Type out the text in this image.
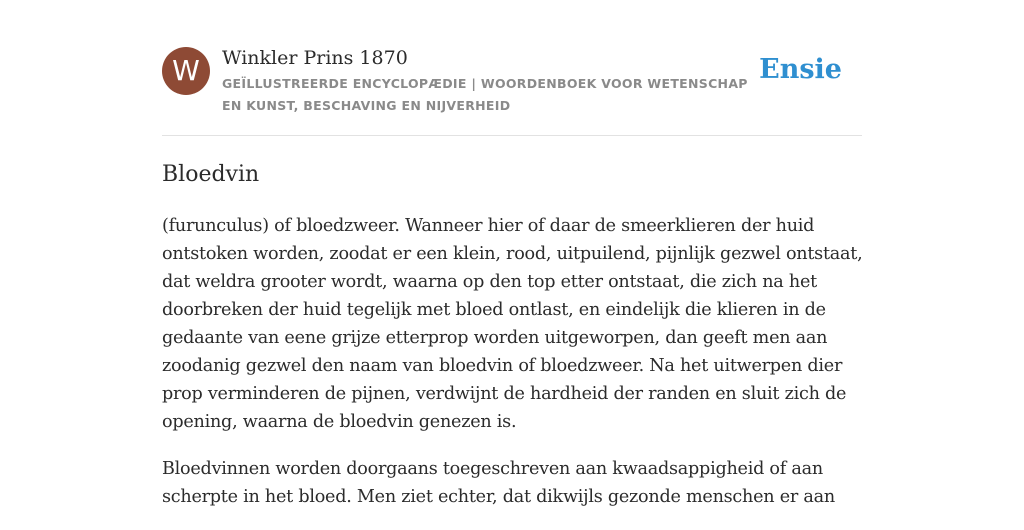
W	Winkler Prins 1870
GEÏLLUSTREERDE ENCYCLOPÆDIE | WOORDENBOEK VOOR WETENSCHAP EN KUNST, BESCHAVING EN NIJVERHEID
Ensie
Bloedvin

(furunculus) of bloedzweer. Wanneer hier of daar de smeerklieren der huid
ontstoken worden, zoodat er een klein, rood, uitpuilend, pijnlijk gezwel ontstaat,
dat weldra grooter wordt, waarna op den top etter ontstaat, die zich na het
doorbreken der huid tegelijk met bloed ontlast, en eindelijk die klieren in de
gedaante van eene grijze etterprop worden uitgeworpen, dan geeft men aan
zoodanig gezwel den naam van bloedvin of bloedzweer. Na het uitwerpen dier
prop verminderen de pijnen, verdwijnt de hardheid der randen en sluit zich de
opening, waarna de bloedvin genezen is.

Bloedvinnen worden doorgaans toegeschreven aan kwaadsappigheid of aan
scherpte in het bloed. Men ziet echter, dat dikwijls gezonde menschen er aan
